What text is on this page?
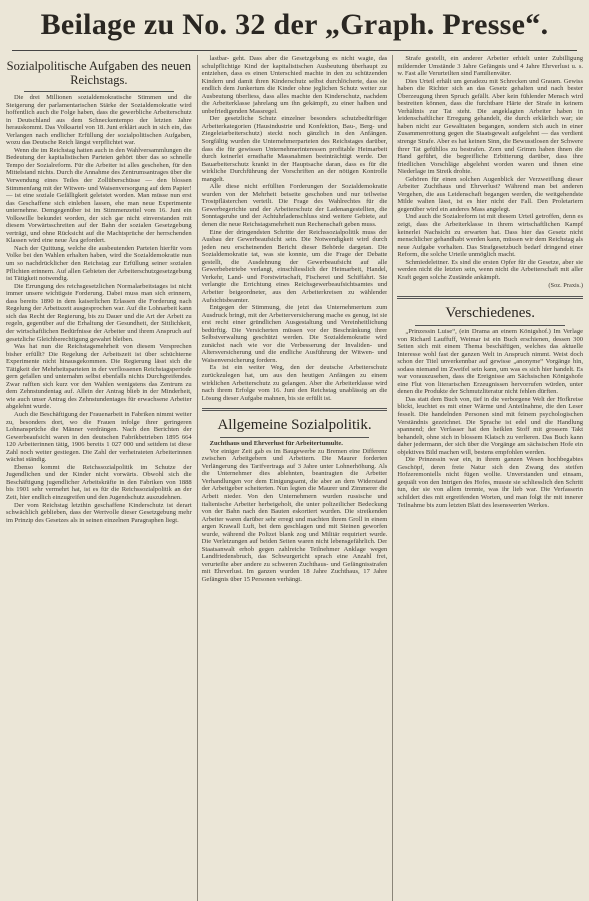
Beilage zu No. 32 der „Graph. Presse“.
Sozialpolitische Aufgaben des neuen Reichstags.

Die drei Millionen sozialdemokratische Stimmen und die Steigerung der parlamentarischen Stärke der Sozialdemokratie wird hoffentlich auch die Folge haben, dass die gewerbliche Arbeiterschutz in Deutschland aus dem Schneckentempo der letzten Jahre herauskommt. Das Volksartel von 18. Juni erklärt auch in sich ein, das Verlangen nach endlicher Erfüllung der sozialpolitischen Aufgaben, wozu das Deutsche Reich längst verpflichtet war.

Wenn die im Reichstag hatten auch in den Wahlversammlungen die Bedeutung der kapitalistischen Parteien gehört über das so schnelle Tempo der Sozialreform. Für die Arbeiter ist alles geschehen, für den Mittelstand nichts. Durch die Annahme des Zentrumsantrages über die Verwendung eines Teiles der Zollüberschüsse — den blossen Stimmenfang mit der Witwen- und Waisenversorgung auf dem Papier! — ist eine soziale Gefälligkeit geleistet worden. Man müsse nun erst das Geschaffene sich einleben lassen, ehe man neue Experimente unternehme. Demgegenüber ist im Stimmenzettel vom 16. Juni ein Volkswille bekundet worden, der sich gar nicht einverstanden mit diesem Vorwärtsschreiten auf der Bahn der sozialen Gesetzgebung verträgt, und ohne Rücksicht auf die Machtsprüche der herrschenden Klassen wird eine neue Ära gefordert.

Nach der Quittung, welche die ausbeutenden Parteien hierfür vom Volke bei den Wahlen erhalten haben, wird die Sozialdemokratie nun um so nachdrücklicher den Reichstag zur Erfüllung seiner sozialen Pflichten erinnern. Auf allen Gebieten der Arbeiterschutzgesetzgebung ist Tätigkeit notwendig.

Die Errungung des reichsgesetzlichen Normalarbeitstages ist nicht immer unsere wichtigste Forderung. Dabei muss man sich erinnern, dass bereits 1890 in dem kaiserlichen Erlassen die Forderung nach Regelung der Arbeitszeit ausgesprochen war. Auf die Lohnarbeit kann sich das Recht der Regierung, bis zu Dauer und die Art der Arbeit zu regeln, gegenüber auf die Erhaltung der Gesundheit, der Sittlichkeit, der wirtschaftlichen Bedürfnisse der Arbeiter und ihrem Anspruch auf gesetzliche Gleichberechtigung gewahrt bleiben.

Was hat nun die Reichstagsmehrheit von diesem Versprechen bisher erfüllt? Die Regelung der Arbeitszeit ist über schüchterne Experimente nicht hinausgekommen. Die Regierung lässt sich die Tätigkeit der Mehrheitsparteien in der verflossenen Reichstagsperiode gern gefallen und unternahm selbst ebenfalls nichts Durchgreifendes. Zwar rafften sich kurz vor den Wahlen wenigstens das Zentrum zu dem Zehnstundentag auf. Allein der Antrag blieb in der Minderheit, wie auch unser Antrag des Zehnstundentages für erwachsene Arbeiter abgelehnt wurde.

Auch die Beschäftigung der Frauenarbeit in Fabriken nimmt weiter zu, besonders dort, wo die Frauen infolge ihrer geringeren Lohnansprüche die Männer verdrängen. Nach den Berichten der Gewerbeaufsicht waren in den deutschen Fabrikbetrieben 1895 664 120 Arbeiterinnen tätig, 1906 bereits 1 027 000 und seitdem ist diese Zahl noch weiter gestiegen. Die Zahl der verheirateten Arbeiterinnen wächst ständig.

Ebenso kommt die Reichssozialpolitik im Schutze der Jugendlichen und der Kinder nicht vorwärts. Obwohl sich die Beschäftigung jugendlicher Arbeitskräfte in den Fabriken von 1888 bis 1901 sehr vermehrt hat, ist es für die Reichssozialpolitik an der Zeit, hier endlich einzugreifen und den Jugendschutz auszudehnen.

Der vom Reichstag letzthin geschaffene Kinderschutz ist derart schwächlich geblieben, dass der Wertvolle dieser Gesetzgebung mehr im Prinzip des Gesetzes als in seinen einzelnen Paragraphen liegt.

lastbar- geht. Dass aber die Gesetzgebung es nicht wagte, das schulpflichtige Kind der kapitalistischen Ausbeutung überhaupt zu entziehen, dass es einen Unterschied machte in den zu schützenden Kindern und damit ihren Kinderschutz selbst durchlöcherte, dass sie endlich dem Junkertum die Kinder ohne jeglichen Schutz weiter zur Ausbeutung überliess, dass alles machte den Kinderschutz, nachdem die Arbeiterklasse jahrelang um ihn gekämpft, zu einer halben und unbefriedigenden Massregel.

Der gesetzliche Schutz einzelner besonders schutzbedürftiger Arbeiterkategorien (Hausindustrie und Konfektion, Bau-, Berg- und Ziegeleiarbeiterschutz) steckt noch gänzlich in den Anfängen. Sorgfältig wurden die Unternehmerparteien des Reichstages darüber, dass die für gewissen Unternehmerinteressen profitable Heimarbeit durch keinerlei ernsthafte Massnahmen beeinträchtigt werde. Der Bauarbeiterschutz krankt in der Hauptsache daran, dass es für die wirkliche Durchführung der Vorschriften an der nötigen Kontrolle mangelt.

Alle diese nicht erfüllten Forderungen der Sozialdemokratie wurden von der Mehrheit beiseite geschoben und nur teilweise Trostpflästerchen verteilt. Die Frage des Wahlrechtes für die Gewerbegerichte und der Arbeiterschutz der Ladenangestellten, die Sonntagsruhe und der Achtuhrladenschluss sind weitere Gebiete, auf denen die neue Reichstagsmehrheit nun Rechenschaft geben muss.

Eine der dringendsten Schritte der Reichssozialpolitik muss der Ausbau der Gewerbeaufsicht sein. Die Notwendigkeit wird durch jeden neu erscheinenden Bericht dieser Behörde dargetan. Die Sozialdemokratie tat, was sie konnte, um die Frage der Debatte gestellt, die Ausdehnung der Gewerbeaufsicht auf alle Gewerbebetriebe verlangt, einschliesslich der Heimarbeit, Handel, Verkehr, Land- und Forstwirtschaft, Fischerei und Schiffahrt. Sie verlangte die Errichtung eines Reichsgewerbeaufsichtsamtes und Arbeiter beigeordneter, aus den Arbeiterkreisen zu wählender Aufsichtsbeamter.

Entgegen der Stimmung, die jetzt das Unternehmertum zum Ausdruck bringt, mit der Arbeiterversicherung mache es genug, ist sie erst recht einer gründlichen Ausgestaltung und Vereinheitlichung bedürftig. Die Versicherten müssen vor der Beschränkung ihrer Selbstverwaltung geschützt werden. Die Sozialdemokratie wird zunächst nach wie vor die Verbesserung der Invaliden- und Altersversicherung und die endliche Ausführung der Witwen- und Waisenversicherung fordern.

Es ist ein weiter Weg, den der deutsche Arbeiterschutz zurückzulegen hat, um aus den heutigen Anfängen zu einem wirklichen Arbeiterschutz zu gelangen. Aber die Arbeiterklasse wird nach ihrem Erfolge vom 16. Juni den Reichstag unablässig an die Lösung dieser Aufgabe mahnen, bis sie erfüllt ist.

Allgemeine Sozialpolitik.

Zuchthaus und Ehrverlust für Arbeitertumulte.

Vor einiger Zeit gab es im Baugewerbe zu Bremen eine Differenz zwischen Arbeitgebern und Arbeitern. Die Maurer forderten Verlängerung des Tarifvertrags auf 3 Jahre unter Lohnerhöhung. Als die Unternehmer dies ablehnten, beantragten die Arbeiter Verhandlungen vor dem Einigungsamt, die aber an dem Widerstand der Arbeitgeber scheiterten. Nun legten die Maurer und Zimmerer die Arbeit nieder. Von den Unternehmern wurden russische und italienische Arbeiter herbeigeholt, die unter polizeilicher Bedeckung von der Bahn nach den Bauten eskortiert wurden. Die streikenden Arbeiter waren darüber sehr erregt und machten ihrem Groll in einem argen Krawall Luft, bei dem geschlagen und mit Steinen geworfen wurde, während die Polizei blank zog und Militär requiriert wurde. Die Verletzungen auf beiden Seiten waren nicht lebensgefährlich. Der Staatsanwalt erhob gegen zahlreiche Teilnehmer Anklage wegen Landfriedensbruch, das Schwurgericht sprach eine Anzahl frei, verurteilte aber andere zu schweren Zuchthaus- und Gefängnisstrafen mit Ehrverlust. Im ganzen wurden 18 Jahre Zuchthaus, 17 Jahre Gefängnis über 15 Personen verhängt.

Strafe gestellt, ein anderer Arbeiter erhielt unter Zubilligung mildernder Umstände 3 Jahre Gefängnis und 4 Jahre Ehrverlust u. s. w. Fast alle Verurteilten sind Familienväter.

Dies Urteil erhält um geradezu mit Schrecken und Grauen. Gewiss haben die Richter sich an das Gesetz gehalten und nach bester Überzeugung ihren Spruch gefällt. Aber kein fühlender Mensch wird bestreiten können, dass die furchtbare Härte der Strafe in keinem Verhältnis zur Tat steht. Die angeklagten Arbeiter haben in leidenschaftlicher Erregung gehandelt, die durch erklärlich war; sie haben nicht zur Gewalttaten begangen, sondern sich auch in einer Zusammenrottung gegen die Staatsgewalt aufgelehnt — das verdient strenge Strafe. Aber es hat keinen Sinn, die Bewusstlosen der Schwere ihrer Tat gefühllos zu bestrafen. Zorn und Grimm haben ihnen die Hand geführt, die begreifliche Erbitterung darüber, dass ihre friedlichen Vorschläge abgelehnt worden waren und ihnen eine Niederlage im Streik drohte.

Gehören für einen solchen Augenblick der Verzweiflung dieser Arbeiter Zuchthaus und Ehrverlust? Während man bei anderen Vergehen, die aus Leidenschaft begangen werden, die weitgehendste Milde walten lässt, ist es hier nicht der Fall. Den Proletariern gegenüber wird ein anderes Mass angelegt.

Und auch die Sozialreform ist mit diesem Urteil getroffen, denn es zeigt, dass die Arbeiterklasse in ihrem wirtschaftlichen Kampf keinerlei Nachsicht zu erwarten hat. Dass hier das Gesetz nicht menschlicher gehandhabt werden kann, müssen wir dem Reichstag als neue Aufgabe vorhalten. Das Strafgesetzbuch bedarf dringend einer Reform, die solche Urteile unmöglich macht.

Schmiedeleitner. Es sind die ersten Opfer für die Gesetze, aber sie werden nicht die letzten sein, wenn nicht die Arbeiterschaft mit aller Kraft gegen solche Zustände ankämpft.

(Soz. Praxis.)
Verschiedenes.

„Prinzessin Luise“, (ein Drama an einem Königshof.) Im Verlage von Richard Lauffuff, Weimar ist ein Buch erschienen, dessen 300 Seiten sich mit einem Thema beschäftigen, welches das aktuelle Interesse wohl fast der ganzen Welt in Anspruch nimmt. Weist doch schon der Titel unverkennbar auf gewisse „anonyme“ Vorgänge hin, sodass niemand im Zweifel sein kann, um was es sich hier handelt. Es war vorauszusehen, dass die Ereignisse am Sächsischen Königshofe eine Flut von literarischen Erzeugnissen hervorrufen würden, unter denen die Produkte der Schmutzliteratur nicht fehlen dürften.

Das statt dem Buch von, tief in die verborgene Welt der Hofkreise blickt, leuchtet es mit einer Wärme und Anteilnahme, die den Leser fesselt. Die handelnden Personen sind mit feinem psychologischen Verständnis gezeichnet. Die Sprache ist edel und die Handlung spannend; der Verfasser hat den heiklen Stoff mit grossem Takt behandelt, ohne sich in blossem Klatsch zu verlieren. Das Buch kann daher jedermann, der sich über die Vorgänge am sächsischen Hofe ein objektives Bild machen will, bestens empfohlen werden.

Die Prinzessin war ein, in ihrem ganzen Wesen hochbegabtes Geschöpf, deren freie Natur sich den Zwang des steifen Hofzeremoniells nicht fügen wollte. Unverstanden und einsam, gequält von den Intrigen des Hofes, musste sie schliesslich den Schritt tun, der sie von allem trennte, was ihr lieb war. Die Verfasserin schildert dies mit ergreifenden Worten, und man folgt ihr mit innerer Teilnahme bis zum letzten Blatt des lesenswerten Werkes.
